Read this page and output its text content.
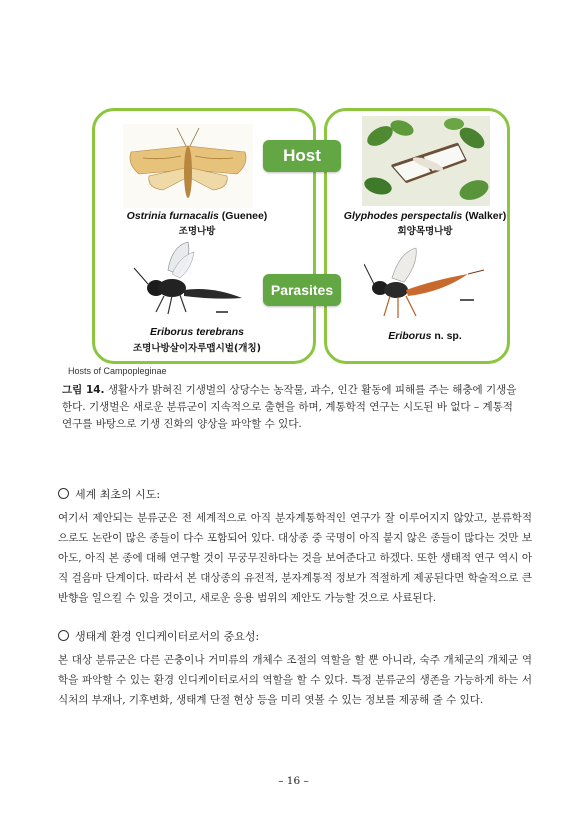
Host
Parasites
Ostrinia furnacalis (Guenee)
조명나방
Glyphodes perspectalis (Walker)
회양목명나방
Eriborus terebrans
조명나방살이자루맵시벌(개칭)
Eriborus n. sp.
Hosts of Campopleginae
그림 14. 생활사가 밝혀진 기생벌의 상당수는 농작물, 과수, 인간 활동에 피해를 주는 해충에 기생을 한다. 기생벌은 새로운 분류군이 지속적으로 출현을 하며, 계통학적 연구는 시도된 바 없다 – 계통적 연구를 바탕으로 기생 진화의 양상을 파악할 수 있다.
세계 최초의 시도:
여기서 제안되는 분류군은 전 세계적으로 아직 분자계통학적인 연구가 잘 이루어지지 않았고, 분류학적으로도 논란이 많은 종들이 다수 포함되어 있다. 대상종 중 국명이 아직 붙지 않은 종들이 많다는 것만 보아도, 아직 본 종에 대해 연구할 것이 무궁무진하다는 것을 보여준다고 하겠다. 또한 생태적 연구 역시 아직 걸음마 단계이다. 따라서 본 대상종의 유전적, 분자계통적 정보가 적절하게 제공된다면 학술적으로 큰 반향을 일으킬 수 있을 것이고, 새로운 응용 범위의 제안도 가능할 것으로 사료된다.
생태계 환경 인디케이터로서의 중요성:
본 대상 분류군은 다른 곤충이나 거미류의 개체수 조절의 역할을 할 뿐 아니라, 숙주 개체군의 개체군 역학을 파악할 수 있는 환경 인디케이터로서의 역할을 할 수 있다. 특정 분류군의 생존을 가능하게 하는 서식처의 부재나, 기후변화, 생태계 단절 현상 등을 미리 엿볼 수 있는 정보를 제공해 줄 수 있다.
– 16 –
